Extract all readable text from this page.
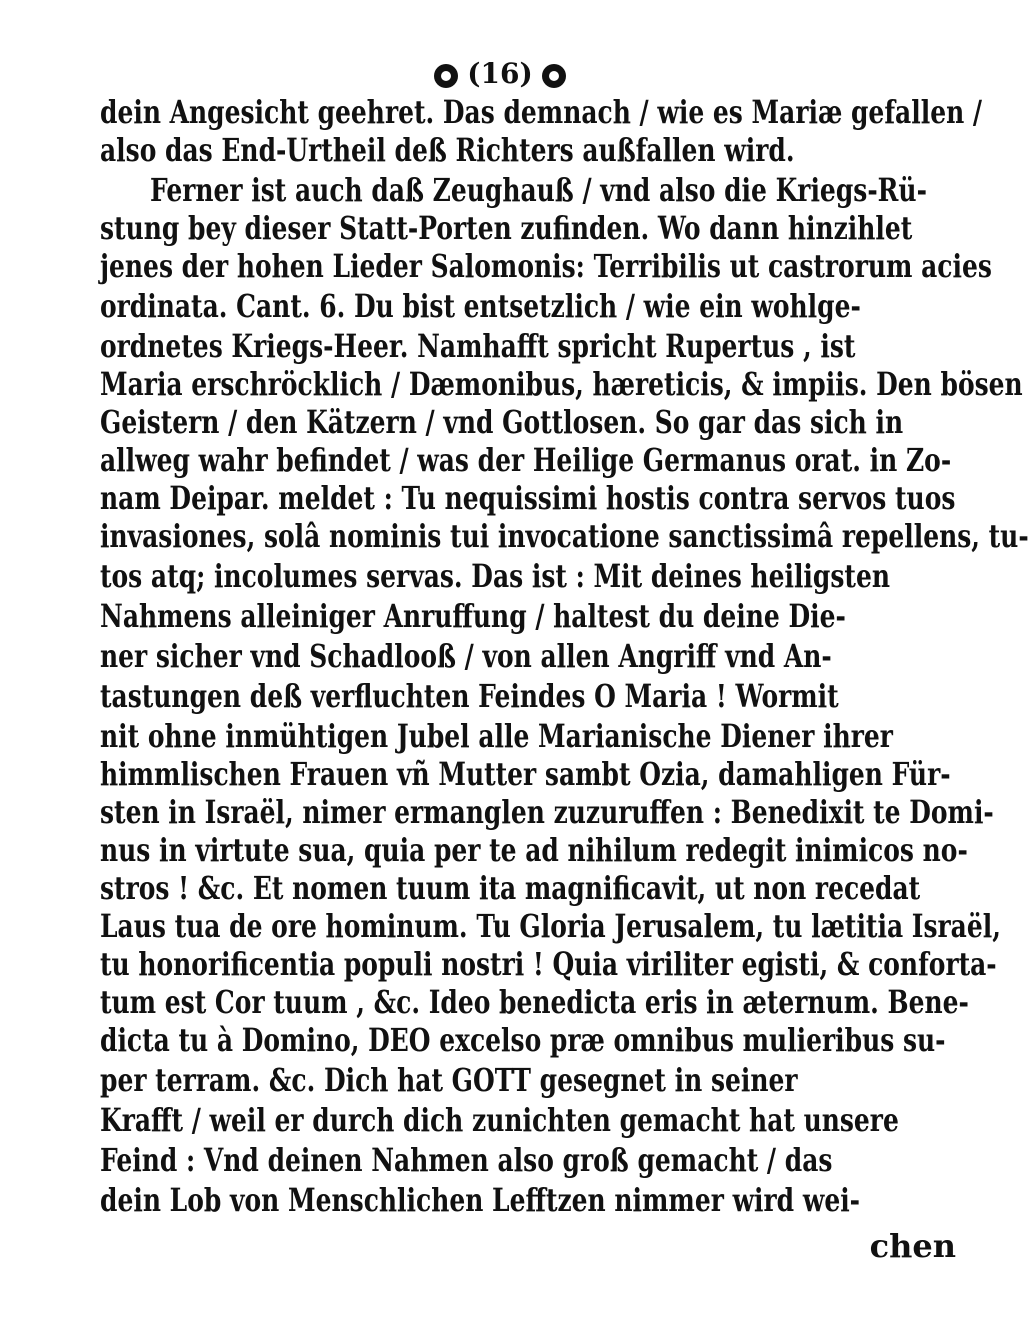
(16)
dein Angesicht geehret. Das demnach / wie es Mariæ gefallen /
also das End-Urtheil deß Richters außfallen wird.
Ferner ist auch daß Zeughauß / vnd also die Kriegs-Rü-
stung bey dieser Statt-Porten zufinden. Wo dann hinzihlet
jenes der hohen Lieder Salomonis: Terribilis ut castrorum acies
ordinata. Cant. 6. Du bist entsetzlich / wie ein wohlge-
ordnetes Kriegs-Heer. Namhafft spricht Rupertus , ist
Maria erschröcklich / Dæmonibus, hæreticis, & impiis. Den bösen
Geistern / den Kätzern / vnd Gottlosen. So gar das sich in
allweg wahr befindet / was der Heilige Germanus orat. in Zo-
nam Deipar. meldet : Tu nequissimi hostis contra servos tuos
invasiones, solâ nominis tui invocatione sanctissimâ repellens, tu-
tos atq; incolumes servas. Das ist : Mit deines heiligsten
Nahmens alleiniger Anruffung / haltest du deine Die-
ner sicher vnd Schadlooß / von allen Angriff vnd An-
tastungen deß verfluchten Feindes O Maria ! Wormit
nit ohne inmühtigen Jubel alle Marianische Diener ihrer
himmlischen Frauen vñ Mutter sambt Ozia, damahligen Für-
sten in Israël, nimer ermanglen zuzuruffen : Benedixit te Domi-
nus in virtute sua, quia per te ad nihilum redegit inimicos no-
stros ! &c. Et nomen tuum ita magnificavit, ut non recedat
Laus tua de ore hominum. Tu Gloria Jerusalem, tu lætitia Israël,
tu honorificentia populi nostri ! Quia viriliter egisti, & conforta-
tum est Cor tuum , &c. Ideo benedicta eris in æternum. Bene-
dicta tu à Domino, DEO excelso præ omnibus mulieribus su-
per terram. &c. Dich hat GOTT gesegnet in seiner
Krafft / weil er durch dich zunichten gemacht hat unsere
Feind : Vnd deinen Nahmen also groß gemacht / das
dein Lob von Menschlichen Lefftzen nimmer wird wei-
chen
